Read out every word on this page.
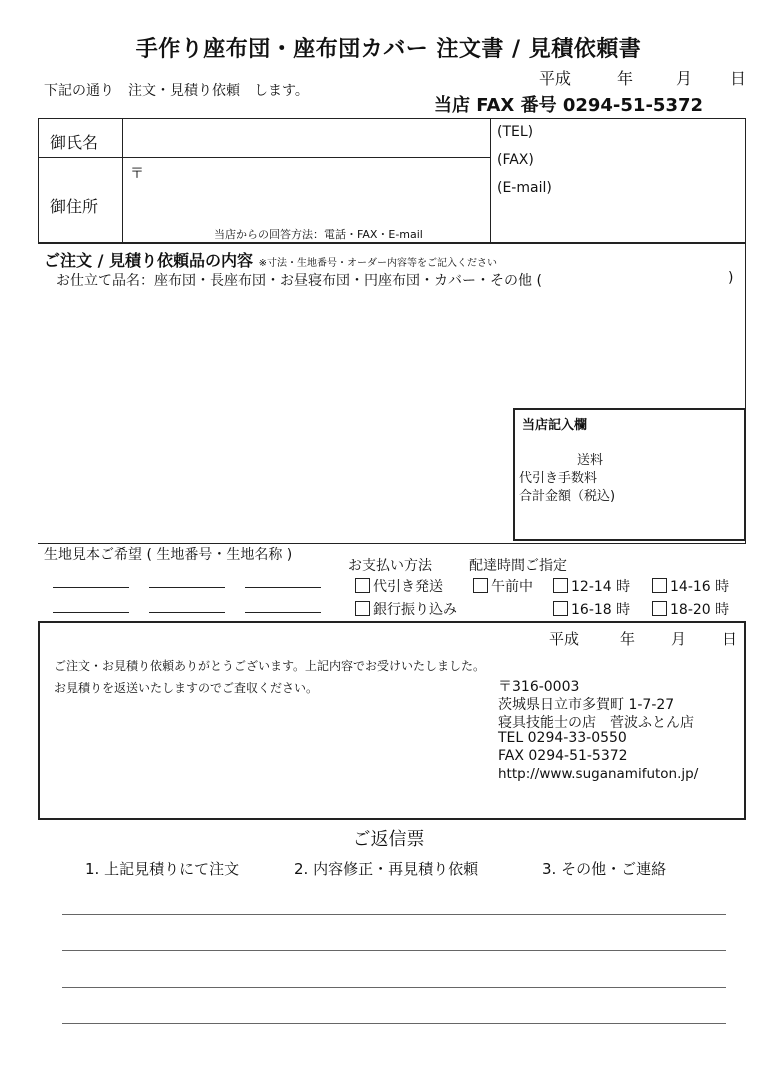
手作り座布団・座布団カバー 注文書 / 見積依頼書
下記の通り　注文・見積り依頼　します。
平成	年	月 日
当店 FAX 番号 0294-51-5372
御氏名
御住所
〒
当店からの回答方法：電話・FAX・E-mail
(TEL)
(FAX)
(E-mail)
ご注文 / 見積り依頼品の内容 ※寸法・生地番号・オーダー内容等をご記入ください
お仕立て品名：座布団・長座布団・お昼寝布団・円座布団・カバー・その他 (	)
当店記入欄
送料
代引き手数料
合計金額（税込)
生地見本ご希望 ( 生地番号・生地名称 )
お支払い方法	配達時間ご指定
代引き発送
銀行振り込み
午前中	12-14 時	14-16 時
16-18 時	18-20 時
平成	年 月 日
ご注文・お見積り依頼ありがとうございます。上記内容でお受けいたしました。
お見積りを返送いたしますのでご査収ください。	〒316-0003
茨城県日立市多賀町 1-7-27
寝具技能士の店　菅波ふとん店
TEL 0294-33-0550
FAX 0294-51-5372
http://www.suganamifuton.jp/
ご返信票
1. 上記見積りにて注文	2. 内容修正・再見積り依頼	3. その他・ご連絡
